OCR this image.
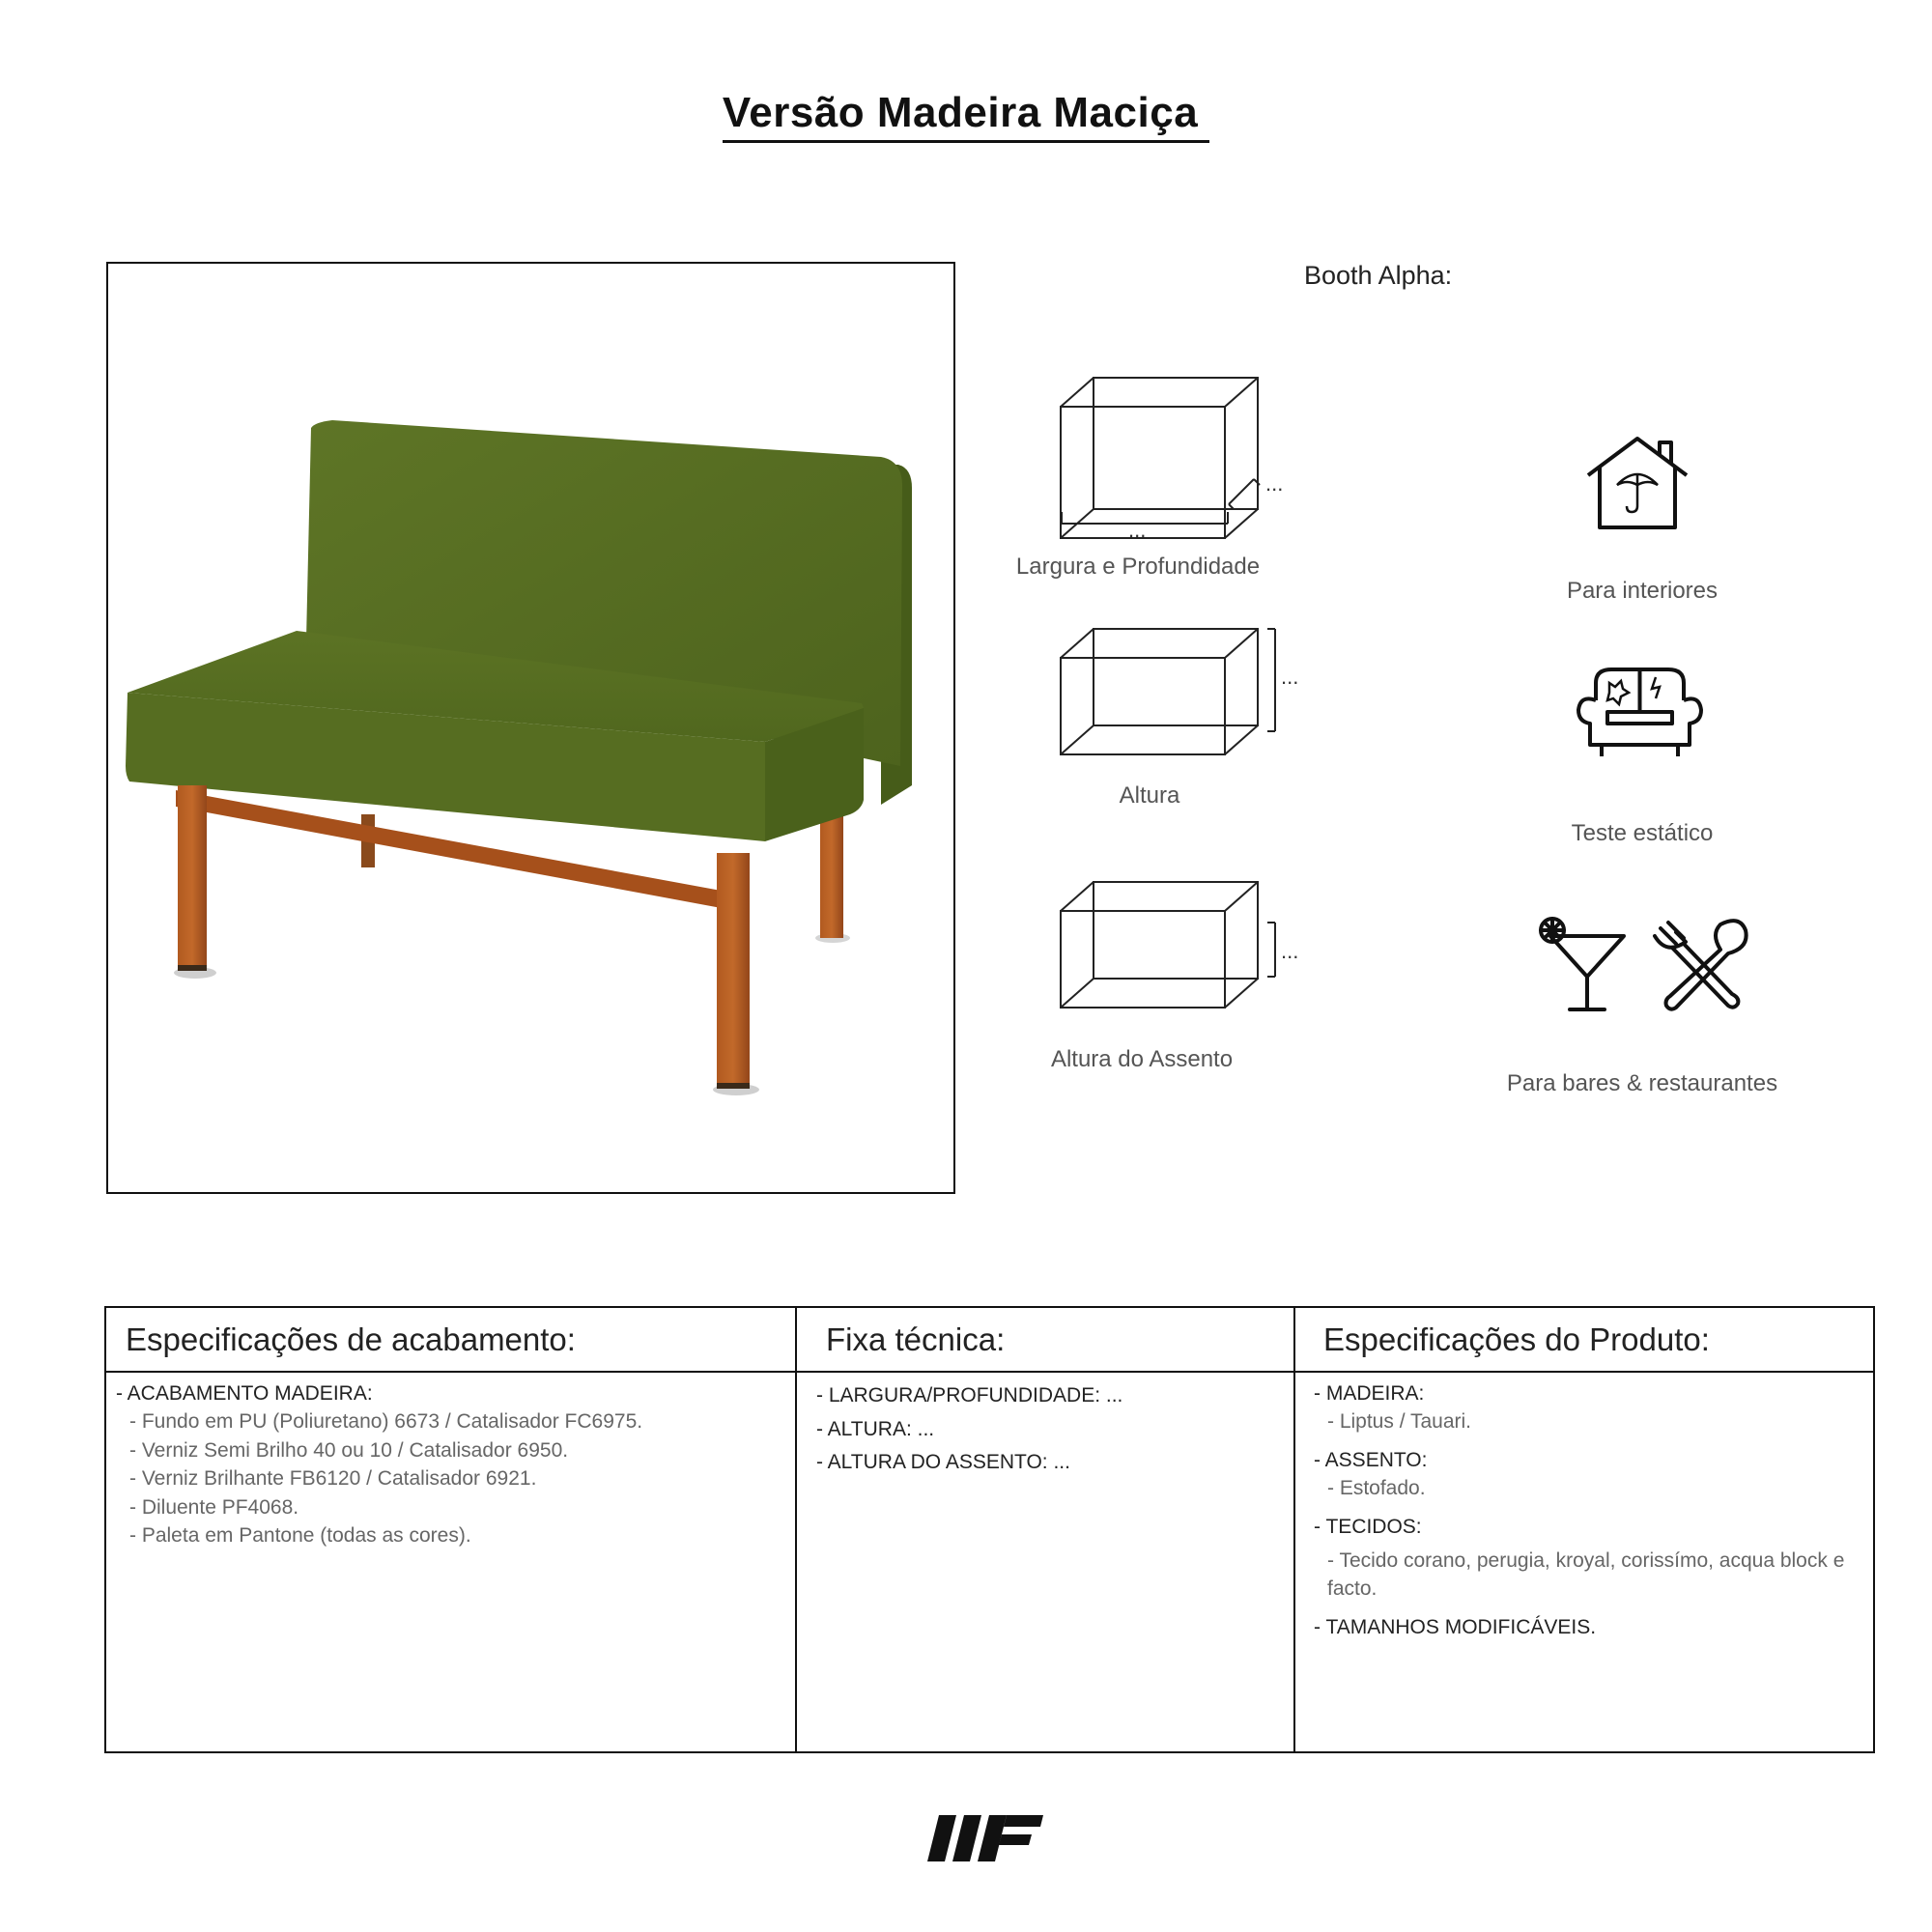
Versão Madeira Maciça
Booth Alpha:
...
...
Largura e Profundidade
...
Altura
...
Altura do Assento
Para interiores
Teste estático
Para bares & restaurantes
Especificações de acabamento:
- ACABAMENTO MADEIRA:
- Fundo em PU (Poliuretano) 6673 / Catalisador FC6975.
- Verniz Semi Brilho 40 ou 10 / Catalisador 6950.
- Verniz Brilhante FB6120 / Catalisador 6921.
- Diluente PF4068.
- Paleta em Pantone (todas as cores).
Fixa técnica:
- LARGURA/PROFUNDIDADE: ...
- ALTURA: ...
- ALTURA DO ASSENTO: ...
Especificações do Produto:
- MADEIRA:
- Liptus / Tauari.
- ASSENTO:
- Estofado.
- TECIDOS:
- Tecido corano, perugia, kroyal, corissímo, acqua block e facto.
- TAMANHOS MODIFICÁVEIS.
